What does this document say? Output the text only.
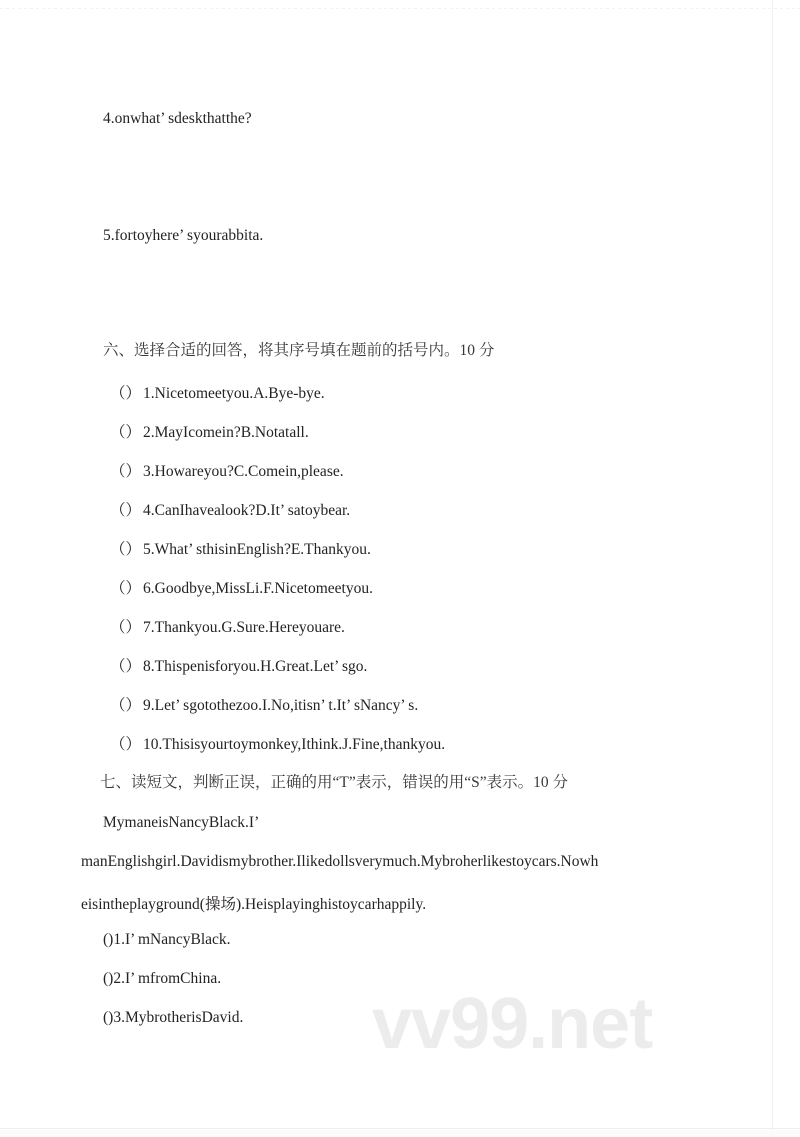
vv99.net
4.onwhat’ sdeskthatthe?
5.fortoyhere’ syourabbita.
六、选择合适的回答，将其序号填在题前的括号内。10 分
（） 1.Nicetomeetyou.A.Bye-bye.
（） 2.MayIcomein?B.Notatall.
（） 3.Howareyou?C.Comein,please.
（） 4.CanIhavealook?D.It’ satoybear.
（） 5.What’ sthisinEnglish?E.Thankyou.
（） 6.Goodbye,MissLi.F.Nicetomeetyou.
（） 7.Thankyou.G.Sure.Hereyouare.
（） 8.Thispenisforyou.H.Great.Let’ sgo.
（） 9.Let’ sgotothezoo.I.No,itisn’ t.It’ sNancy’ s.
（） 10.Thisisyourtoymonkey,Ithink.J.Fine,thankyou.
七、读短文，判断正误，正确的用“T”表示，错误的用“S”表示。10 分
MymaneisNancyBlack.I’
manEnglishgirl.Davidismybrother.Ilikedollsverymuch.Mybroherlikestoycars.Nowh
eisintheplayground(操场).Heisplayinghistoycarhappily.
()1.I’ mNancyBlack.
()2.I’ mfromChina.
()3.MybrotherisDavid.
